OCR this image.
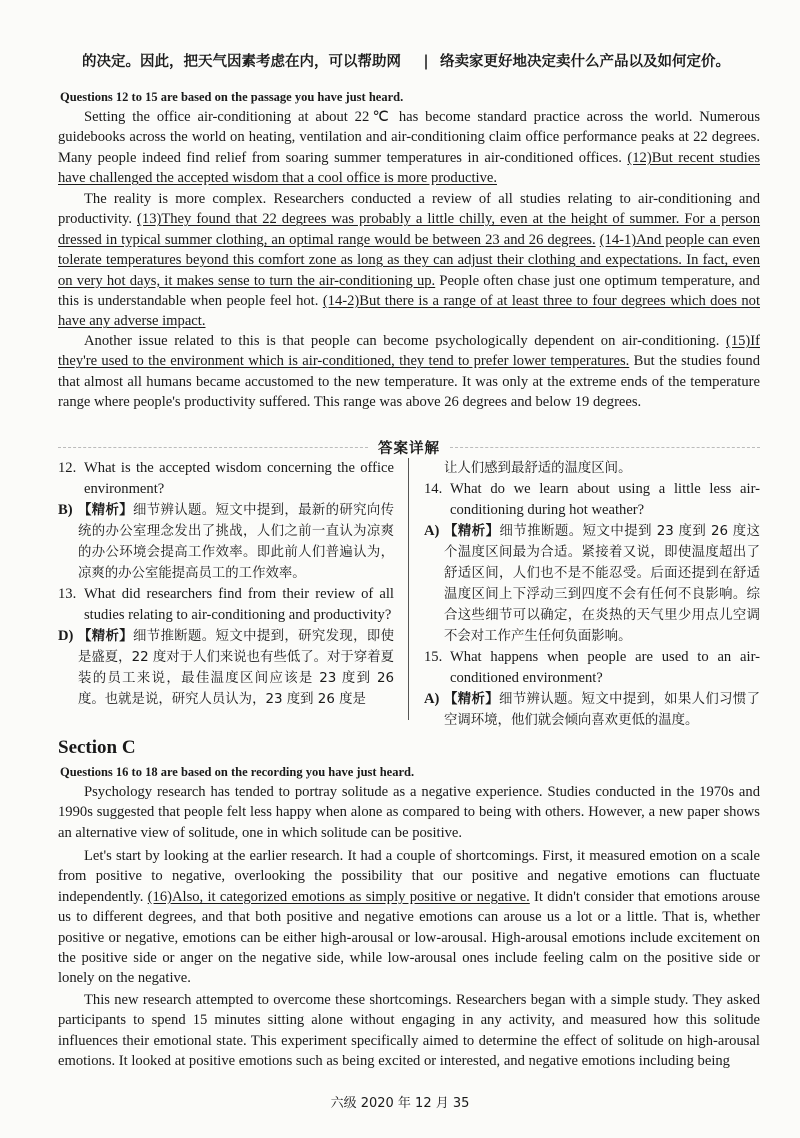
的决定。因此，把天气因素考虑在内，可以帮助网	| 络卖家更好地决定卖什么产品以及如何定价。
Questions 12 to 15 are based on the passage you have just heard.

Setting the office air-conditioning at about 22℃ has become standard practice across the world. Numerous guidebooks across the world on heating, ventilation and air-conditioning claim office performance peaks at 22 degrees. Many people indeed find relief from soaring summer temperatures in air-conditioned offices. (12)But recent studies have challenged the accepted wisdom that a cool office is more productive.

The reality is more complex. Researchers conducted a review of all studies relating to air-conditioning and productivity. (13)They found that 22 degrees was probably a little chilly, even at the height of summer. For a person dressed in typical summer clothing, an optimal range would be between 23 and 26 degrees. (14-1)And people can even tolerate temperatures beyond this comfort zone as long as they can adjust their clothing and expectations. In fact, even on very hot days, it makes sense to turn the air-conditioning up. People often chase just one optimum temperature, and this is understandable when people feel hot. (14-2)But there is a range of at least three to four degrees which does not have any adverse impact.

Another issue related to this is that people can become psychologically dependent on air-conditioning. (15)If they're used to the environment which is air-conditioned, they tend to prefer lower temperatures. But the studies found that almost all humans became accustomed to the new temperature. It was only at the extreme ends of the temperature range where people's productivity suffered. This range was above 26 degrees and below 19 degrees.

答案详解
12. What is the accepted wisdom concerning the office environment?
B) 【精析】细节辨认题。短文中提到，最新的研究向传统的办公室理念发出了挑战，人们之前一直认为凉爽的办公环境会提高工作效率。即此前人们普遍认为，凉爽的办公室能提高员工的工作效率。
13. What did researchers find from their review of all studies relating to air-conditioning and productivity?
D) 【精析】细节推断题。短文中提到，研究发现，即使是盛夏，22 度对于人们来说也有些低了。对于穿着夏装的员工来说，最佳温度区间应该是 23 度到 26 度。也就是说，研究人员认为，23 度到 26 度是
让人们感到最舒适的温度区间。
14. What do we learn about using a little less air-conditioning during hot weather?
A) 【精析】细节推断题。短文中提到 23 度到 26 度这个温度区间最为合适。紧接着又说，即使温度超出了舒适区间，人们也不是不能忍受。后面还提到在舒适温度区间上下浮动三到四度不会有任何不良影响。综合这些细节可以确定，在炎热的天气里少用点儿空调不会对工作产生任何负面影响。
15. What happens when people are used to an air-conditioned environment?
A) 【精析】细节辨认题。短文中提到，如果人们习惯了空调环境，他们就会倾向喜欢更低的温度。
Section C
Questions 16 to 18 are based on the recording you have just heard.

Psychology research has tended to portray solitude as a negative experience. Studies conducted in the 1970s and 1990s suggested that people felt less happy when alone as compared to being with others. However, a new paper shows an alternative view of solitude, one in which solitude can be positive.

Let's start by looking at the earlier research. It had a couple of shortcomings. First, it measured emotion on a scale from positive to negative, overlooking the possibility that our positive and negative emotions can fluctuate independently. (16)Also, it categorized emotions as simply positive or negative. It didn't consider that emotions arouse us to different degrees, and that both positive and negative emotions can arouse us a lot or a little. That is, whether positive or negative, emotions can be either high-arousal or low-arousal. High-arousal emotions include excitement on the positive side or anger on the negative side, while low-arousal ones include feeling calm on the positive side or lonely on the negative.

This new research attempted to overcome these shortcomings. Researchers began with a simple study. They asked participants to spend 15 minutes sitting alone without engaging in any activity, and measured how this solitude influences their emotional state. This experiment specifically aimed to determine the effect of solitude on high-arousal emotions. It looked at positive emotions such as being excited or interested, and negative emotions including being

六级 2020 年 12 月 35
